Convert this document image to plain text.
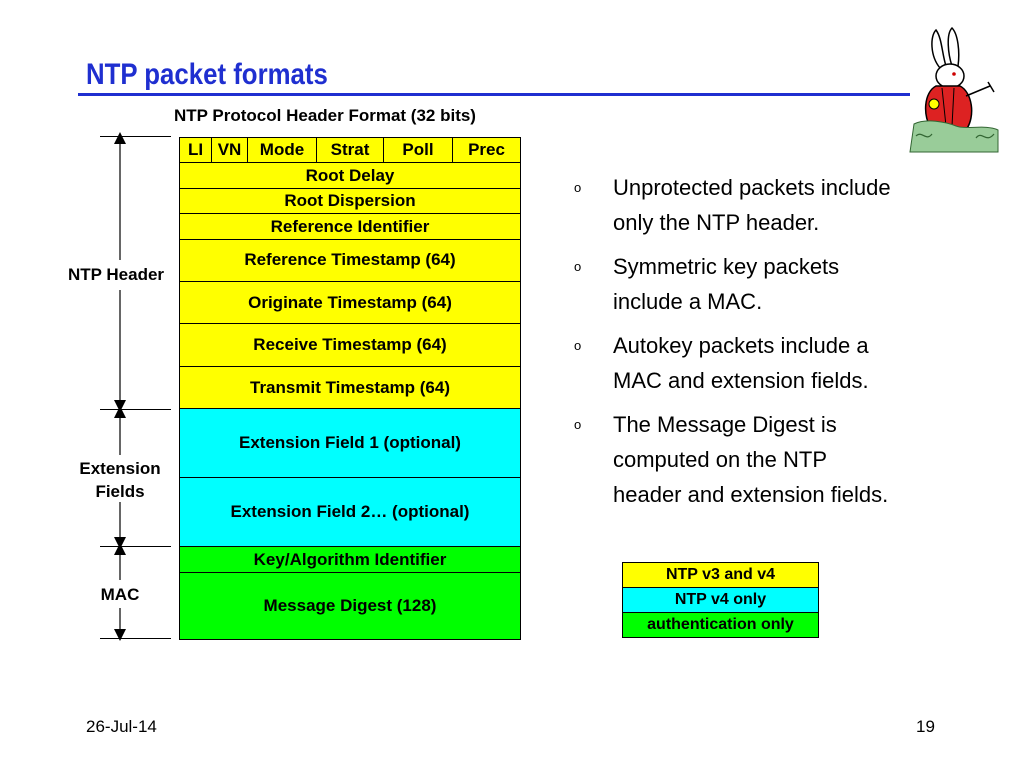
NTP packet formats
NTP Protocol Header Format (32 bits)
LI VN	Mode	Strat	Poll	Prec
Root Delay
Root Dispersion
Reference Identifier
Reference Timestamp (64)
Originate Timestamp (64)
Receive Timestamp (64)
Transmit Timestamp (64)
Extension Field 1 (optional)
Extension Field 2… (optional)
Key/Algorithm Identifier
Message Digest (128)
NTP Header
Extension
Fields
MAC
o Unprotected packets include
only the NTP header.
o Symmetric key packets
include a MAC.
o Autokey packets include a
MAC and extension fields.
o The Message Digest is
computed on the NTP
header and extension fields.
NTP v3 and v4
NTP v4 only
authentication only
26-Jul-14	19
